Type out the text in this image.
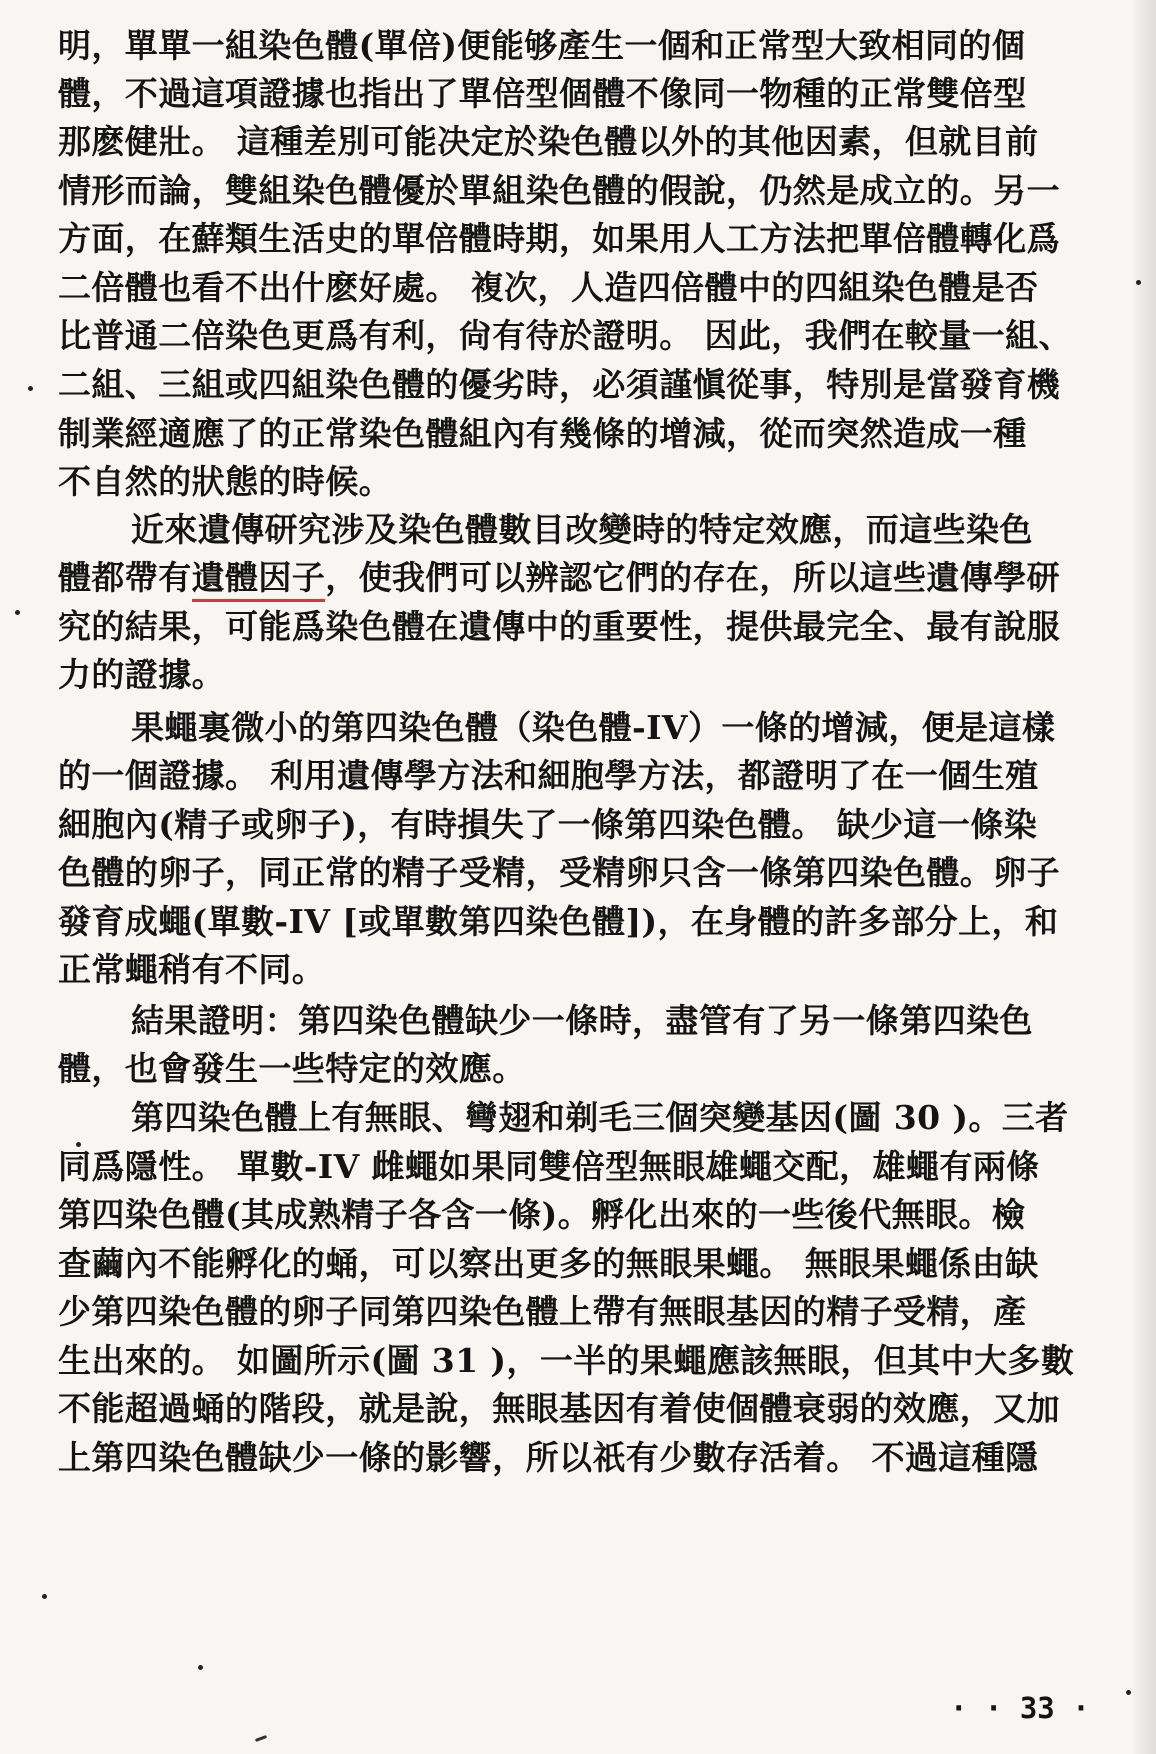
明，單單一組染色體(單倍)便能够產生一個和正常型大致相同的個
體，不過這項證據也指出了單倍型個體不像同一物種的正常雙倍型
那麽健壯。 這種差別可能决定於染色體以外的其他因素，但就目前
情形而論，雙組染色體優於單組染色體的假說，仍然是成立的。另一
方面，在蘚類生活史的單倍體時期，如果用人工方法把單倍體轉化爲
二倍體也看不出什麽好處。 複次，人造四倍體中的四組染色體是否
比普通二倍染色更爲有利，尙有待於證明。 因此，我們在較量一組、
二組、三組或四組染色體的優劣時，必須謹愼從事，特別是當發育機
制業經適應了的正常染色體組內有幾條的增減，從而突然造成一種
不自然的狀態的時候。
近來遺傳研究涉及染色體數目改變時的特定效應，而這些染色
體都帶有遺體因子，使我們可以辨認它們的存在，所以這些遺傳學研
究的結果，可能爲染色體在遺傳中的重要性，提供最完全、最有說服
力的證據。
果蠅裏微小的第四染色體（染色體-IV）一條的增減，便是這樣
的一個證據。 利用遺傳學方法和細胞學方法，都證明了在一個生殖
細胞內(精子或卵子)，有時損失了一條第四染色體。 缺少這一條染
色體的卵子，同正常的精子受精，受精卵只含一條第四染色體。卵子
發育成蠅(單數-IV [或單數第四染色體])，在身體的許多部分上，和
正常蠅稍有不同。
結果證明：第四染色體缺少一條時，盡管有了另一條第四染色
體，也會發生一些特定的效應。
第四染色體上有無眼、彎翅和剃毛三個突變基因(圖 30 )。三者
同爲隱性。 單數-IV 雌蠅如果同雙倍型無眼雄蠅交配，雄蠅有兩條
第四染色體(其成熟精子各含一條)。孵化出來的一些後代無眼。檢
查繭內不能孵化的蛹，可以察出更多的無眼果蠅。 無眼果蠅係由缺
少第四染色體的卵子同第四染色體上帶有無眼基因的精子受精，產
生出來的。 如圖所示(圖 31 )，一半的果蠅應該無眼，但其中大多數
不能超過蛹的階段，就是說，無眼基因有着使個體衰弱的效應，又加
上第四染色體缺少一條的影響，所以祇有少數存活着。 不過這種隱
· · 33 ·
